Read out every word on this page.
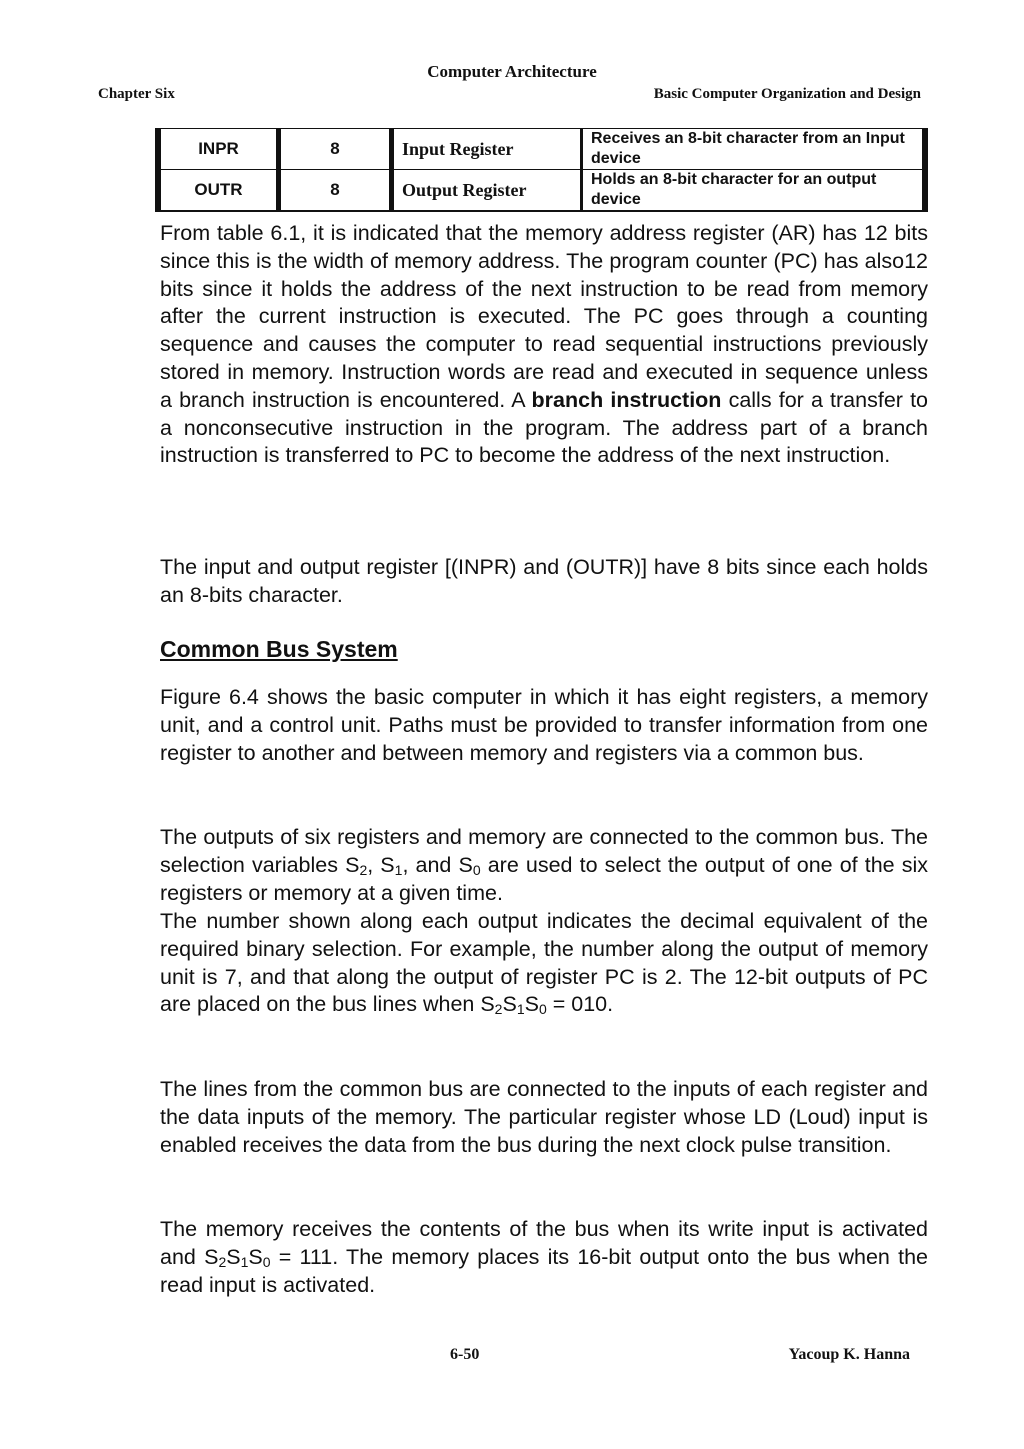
Computer Architecture
Chapter Six	Basic Computer Organization and Design
INPR	8	Input Register	Receives an 8-bit character from an Input device
OUTR	8	Output Register	Holds an 8-bit character for an output device

From table 6.1, it is indicated that the memory address register (AR) has 12 bits since this is the width of memory address. The program counter (PC) has also12 bits since it holds the address of the next instruction to be read from memory after the current instruction is executed. The PC goes through a counting sequence and causes the computer to read sequential instructions previously stored in memory. Instruction words are read and executed in sequence unless a branch instruction is encountered. A branch instruction calls for a transfer to a nonconsecutive instruction in the program. The address part of a branch instruction is transferred to PC to become the address of the next instruction.

The input and output register [(INPR) and (OUTR)] have 8 bits since each holds an 8-bits character.

Common Bus System

Figure 6.4 shows the basic computer in which it has eight registers, a memory unit, and a control unit. Paths must be provided to transfer information from one register to another and between memory and registers via a common bus.

The outputs of six registers and memory are connected to the common bus. The selection variables $S_2$, $S_1$, and $S_0$ are used to select the output of one of the six registers or memory at a given time.

The number shown along each output indicates the decimal equivalent of the required binary selection. For example, the number along the output of memory unit is 7, and that along the output of register PC is 2. The 12-bit outputs of PC are placed on the bus lines when $S_2S_1S_0 = 010$.

The lines from the common bus are connected to the inputs of each register and the data inputs of the memory. The particular register whose LD (Loud) input is enabled receives the data from the bus during the next clock pulse transition.

The memory receives the contents of the bus when its write input is activated and $S_2S_1S_0 = 111$. The memory places its 16-bit output onto the bus when the read input is activated.

6-50	Yacoup K. Hanna
